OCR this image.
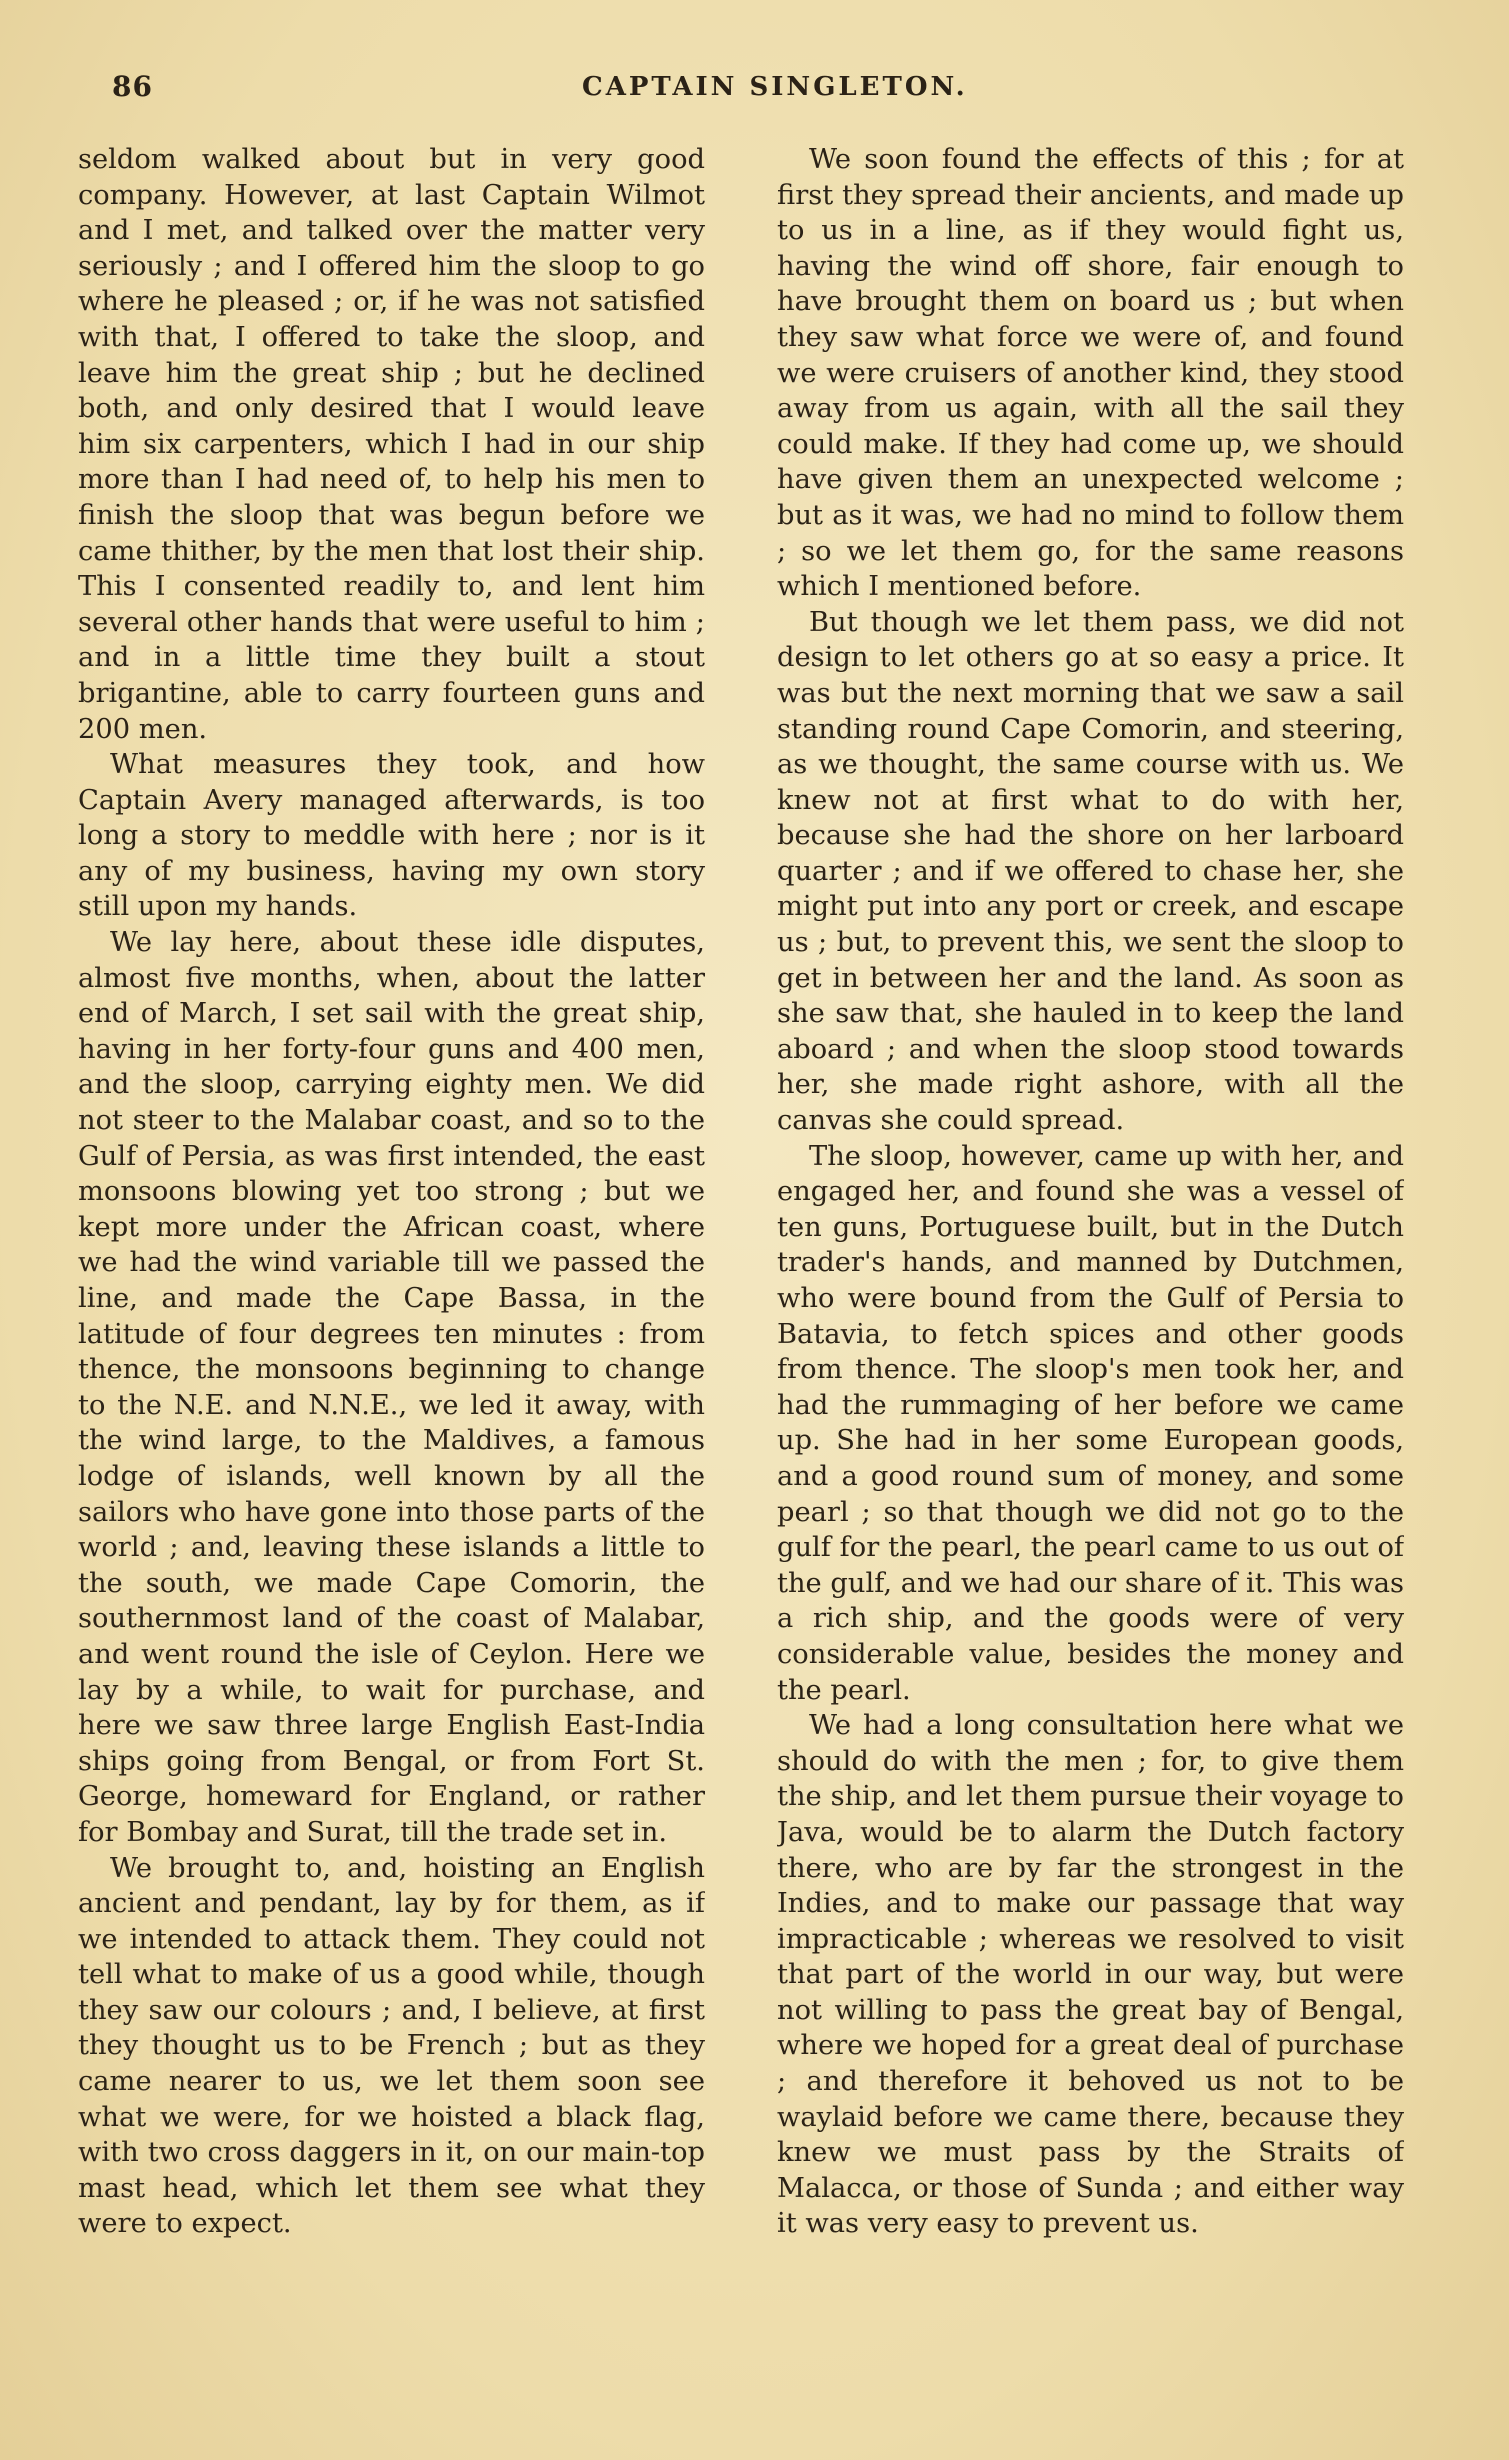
86	CAPTAIN SINGLETON.

seldom walked about but in very good company. However, at last Captain Wilmot and I met, and talked over the matter very seriously ; and I offered him the sloop to go where he pleased ; or, if he was not satisfied with that, I offered to take the sloop, and leave him the great ship ; but he declined both, and only desired that I would leave him six carpenters, which I had in our ship more than I had need of, to help his men to finish the sloop that was begun before we came thither, by the men that lost their ship. This I consented readily to, and lent him several other hands that were useful to him ; and in a little time they built a stout brigantine, able to carry fourteen guns and 200 men.

What measures they took, and how Captain Avery managed afterwards, is too long a story to meddle with here ; nor is it any of my business, having my own story still upon my hands.

We lay here, about these idle disputes, almost five months, when, about the latter end of March, I set sail with the great ship, having in her forty-four guns and 400 men, and the sloop, carrying eighty men. We did not steer to the Malabar coast, and so to the Gulf of Persia, as was first intended, the east monsoons blowing yet too strong ; but we kept more under the African coast, where we had the wind variable till we passed the line, and made the Cape Bassa, in the latitude of four degrees ten minutes : from thence, the monsoons beginning to change to the N.E. and N.N.E., we led it away, with the wind large, to the Maldives, a famous lodge of islands, well known by all the sailors who have gone into those parts of the world ; and, leaving these islands a little to the south, we made Cape Comorin, the southernmost land of the coast of Malabar, and went round the isle of Ceylon. Here we lay by a while, to wait for purchase, and here we saw three large English East-India ships going from Bengal, or from Fort St. George, homeward for England, or rather for Bombay and Surat, till the trade set in.

We brought to, and, hoisting an English ancient and pendant, lay by for them, as if we intended to attack them. They could not tell what to make of us a good while, though they saw our colours ; and, I believe, at first they thought us to be French ; but as they came nearer to us, we let them soon see what we were, for we hoisted a black flag, with two cross daggers in it, on our main-top mast head, which let them see what they were to expect.

We soon found the effects of this ; for at first they spread their ancients, and made up to us in a line, as if they would fight us, having the wind off shore, fair enough to have brought them on board us ; but when they saw what force we were of, and found we were cruisers of another kind, they stood away from us again, with all the sail they could make. If they had come up, we should have given them an unexpected welcome ; but as it was, we had no mind to follow them ; so we let them go, for the same reasons which I mentioned before.

But though we let them pass, we did not design to let others go at so easy a price. It was but the next morning that we saw a sail standing round Cape Comorin, and steering, as we thought, the same course with us. We knew not at first what to do with her, because she had the shore on her larboard quarter ; and if we offered to chase her, she might put into any port or creek, and escape us ; but, to prevent this, we sent the sloop to get in between her and the land. As soon as she saw that, she hauled in to keep the land aboard ; and when the sloop stood towards her, she made right ashore, with all the canvas she could spread.

The sloop, however, came up with her, and engaged her, and found she was a vessel of ten guns, Portuguese built, but in the Dutch trader's hands, and manned by Dutchmen, who were bound from the Gulf of Persia to Batavia, to fetch spices and other goods from thence. The sloop's men took her, and had the rummaging of her before we came up. She had in her some European goods, and a good round sum of money, and some pearl ; so that though we did not go to the gulf for the pearl, the pearl came to us out of the gulf, and we had our share of it. This was a rich ship, and the goods were of very considerable value, besides the money and the pearl.

We had a long consultation here what we should do with the men ; for, to give them the ship, and let them pursue their voyage to Java, would be to alarm the Dutch factory there, who are by far the strongest in the Indies, and to make our passage that way impracticable ; whereas we resolved to visit that part of the world in our way, but were not willing to pass the great bay of Bengal, where we hoped for a great deal of purchase ; and therefore it behoved us not to be waylaid before we came there, because they knew we must pass by the Straits of Malacca, or those of Sunda ; and either way it was very easy to prevent us.
